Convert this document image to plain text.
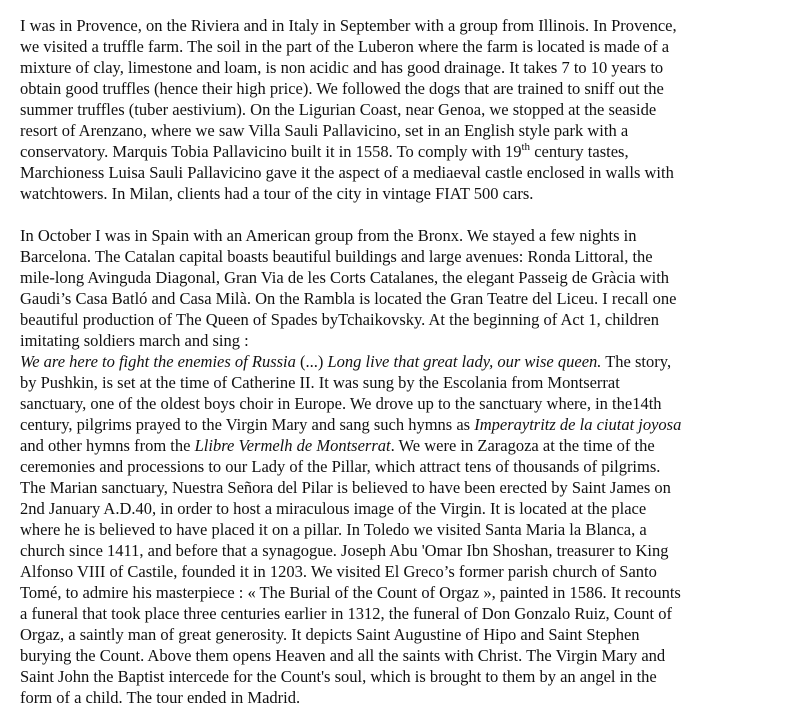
I was in Provence, on the Riviera and in Italy in September with a group from Illinois. In Provence,
we visited a truffle farm. The soil in the part of the Luberon where the farm is located is made of a
mixture of clay, limestone and loam, is non acidic and has good drainage. It takes 7 to 10 years to
obtain good truffles (hence their high price). We followed the dogs that are trained to sniff out the
summer truffles (tuber aestivium). On the Ligurian Coast, near Genoa, we stopped at the seaside
resort of Arenzano, where we saw Villa Sauli Pallavicino, set in an English style park with a
conservatory. Marquis Tobia Pallavicino built it in 1558. To comply with 19th century tastes,
Marchioness Luisa Sauli Pallavicino gave it the aspect of a mediaeval castle enclosed in walls with
watchtowers. In Milan, clients had a tour of the city in vintage FIAT 500 cars.
In October I was in Spain with an American group from the Bronx. We stayed a few nights in
Barcelona. The Catalan capital boasts beautiful buildings and large avenues: Ronda Littoral, the
mile-long Avinguda Diagonal, Gran Via de les Corts Catalanes, the elegant Passeig de Gràcia with
Gaudi’s Casa Batló and Casa Milà. On the Rambla is located the Gran Teatre del Liceu. I recall one
beautiful production of The Queen of Spades byTchaikovsky. At the beginning of Act 1, children
imitating soldiers march and sing :
We are here to fight the enemies of Russia (...) Long live that great lady, our wise queen. The story,
by Pushkin, is set at the time of Catherine II. It was sung by the Escolania from Montserrat
sanctuary, one of the oldest boys choir in Europe. We drove up to the sanctuary where, in the14th
century, pilgrims prayed to the Virgin Mary and sang such hymns as Imperaytritz de la ciutat joyosa
and other hymns from the Llibre Vermelh de Montserrat. We were in Zaragoza at the time of the
ceremonies and processions to our Lady of the Pillar, which attract tens of thousands of pilgrims.
The Marian sanctuary, Nuestra Señora del Pilar is believed to have been erected by Saint James on
2nd January A.D.40, in order to host a miraculous image of the Virgin. It is located at the place
where he is believed to have placed it on a pillar. In Toledo we visited Santa Maria la Blanca, a
church since 1411, and before that a synagogue. Joseph Abu 'Omar Ibn Shoshan, treasurer to King
Alfonso VIII of Castile, founded it in 1203. We visited El Greco’s former parish church of Santo
Tomé, to admire his masterpiece : « The Burial of the Count of Orgaz », painted in 1586. It recounts
a funeral that took place three centuries earlier in 1312, the funeral of Don Gonzalo Ruiz, Count of
Orgaz, a saintly man of great generosity. It depicts Saint Augustine of Hipo and Saint Stephen
burying the Count. Above them opens Heaven and all the saints with Christ. The Virgin Mary and
Saint John the Baptist intercede for the Count's soul, which is brought to them by an angel in the
form of a child. The tour ended in Madrid.
